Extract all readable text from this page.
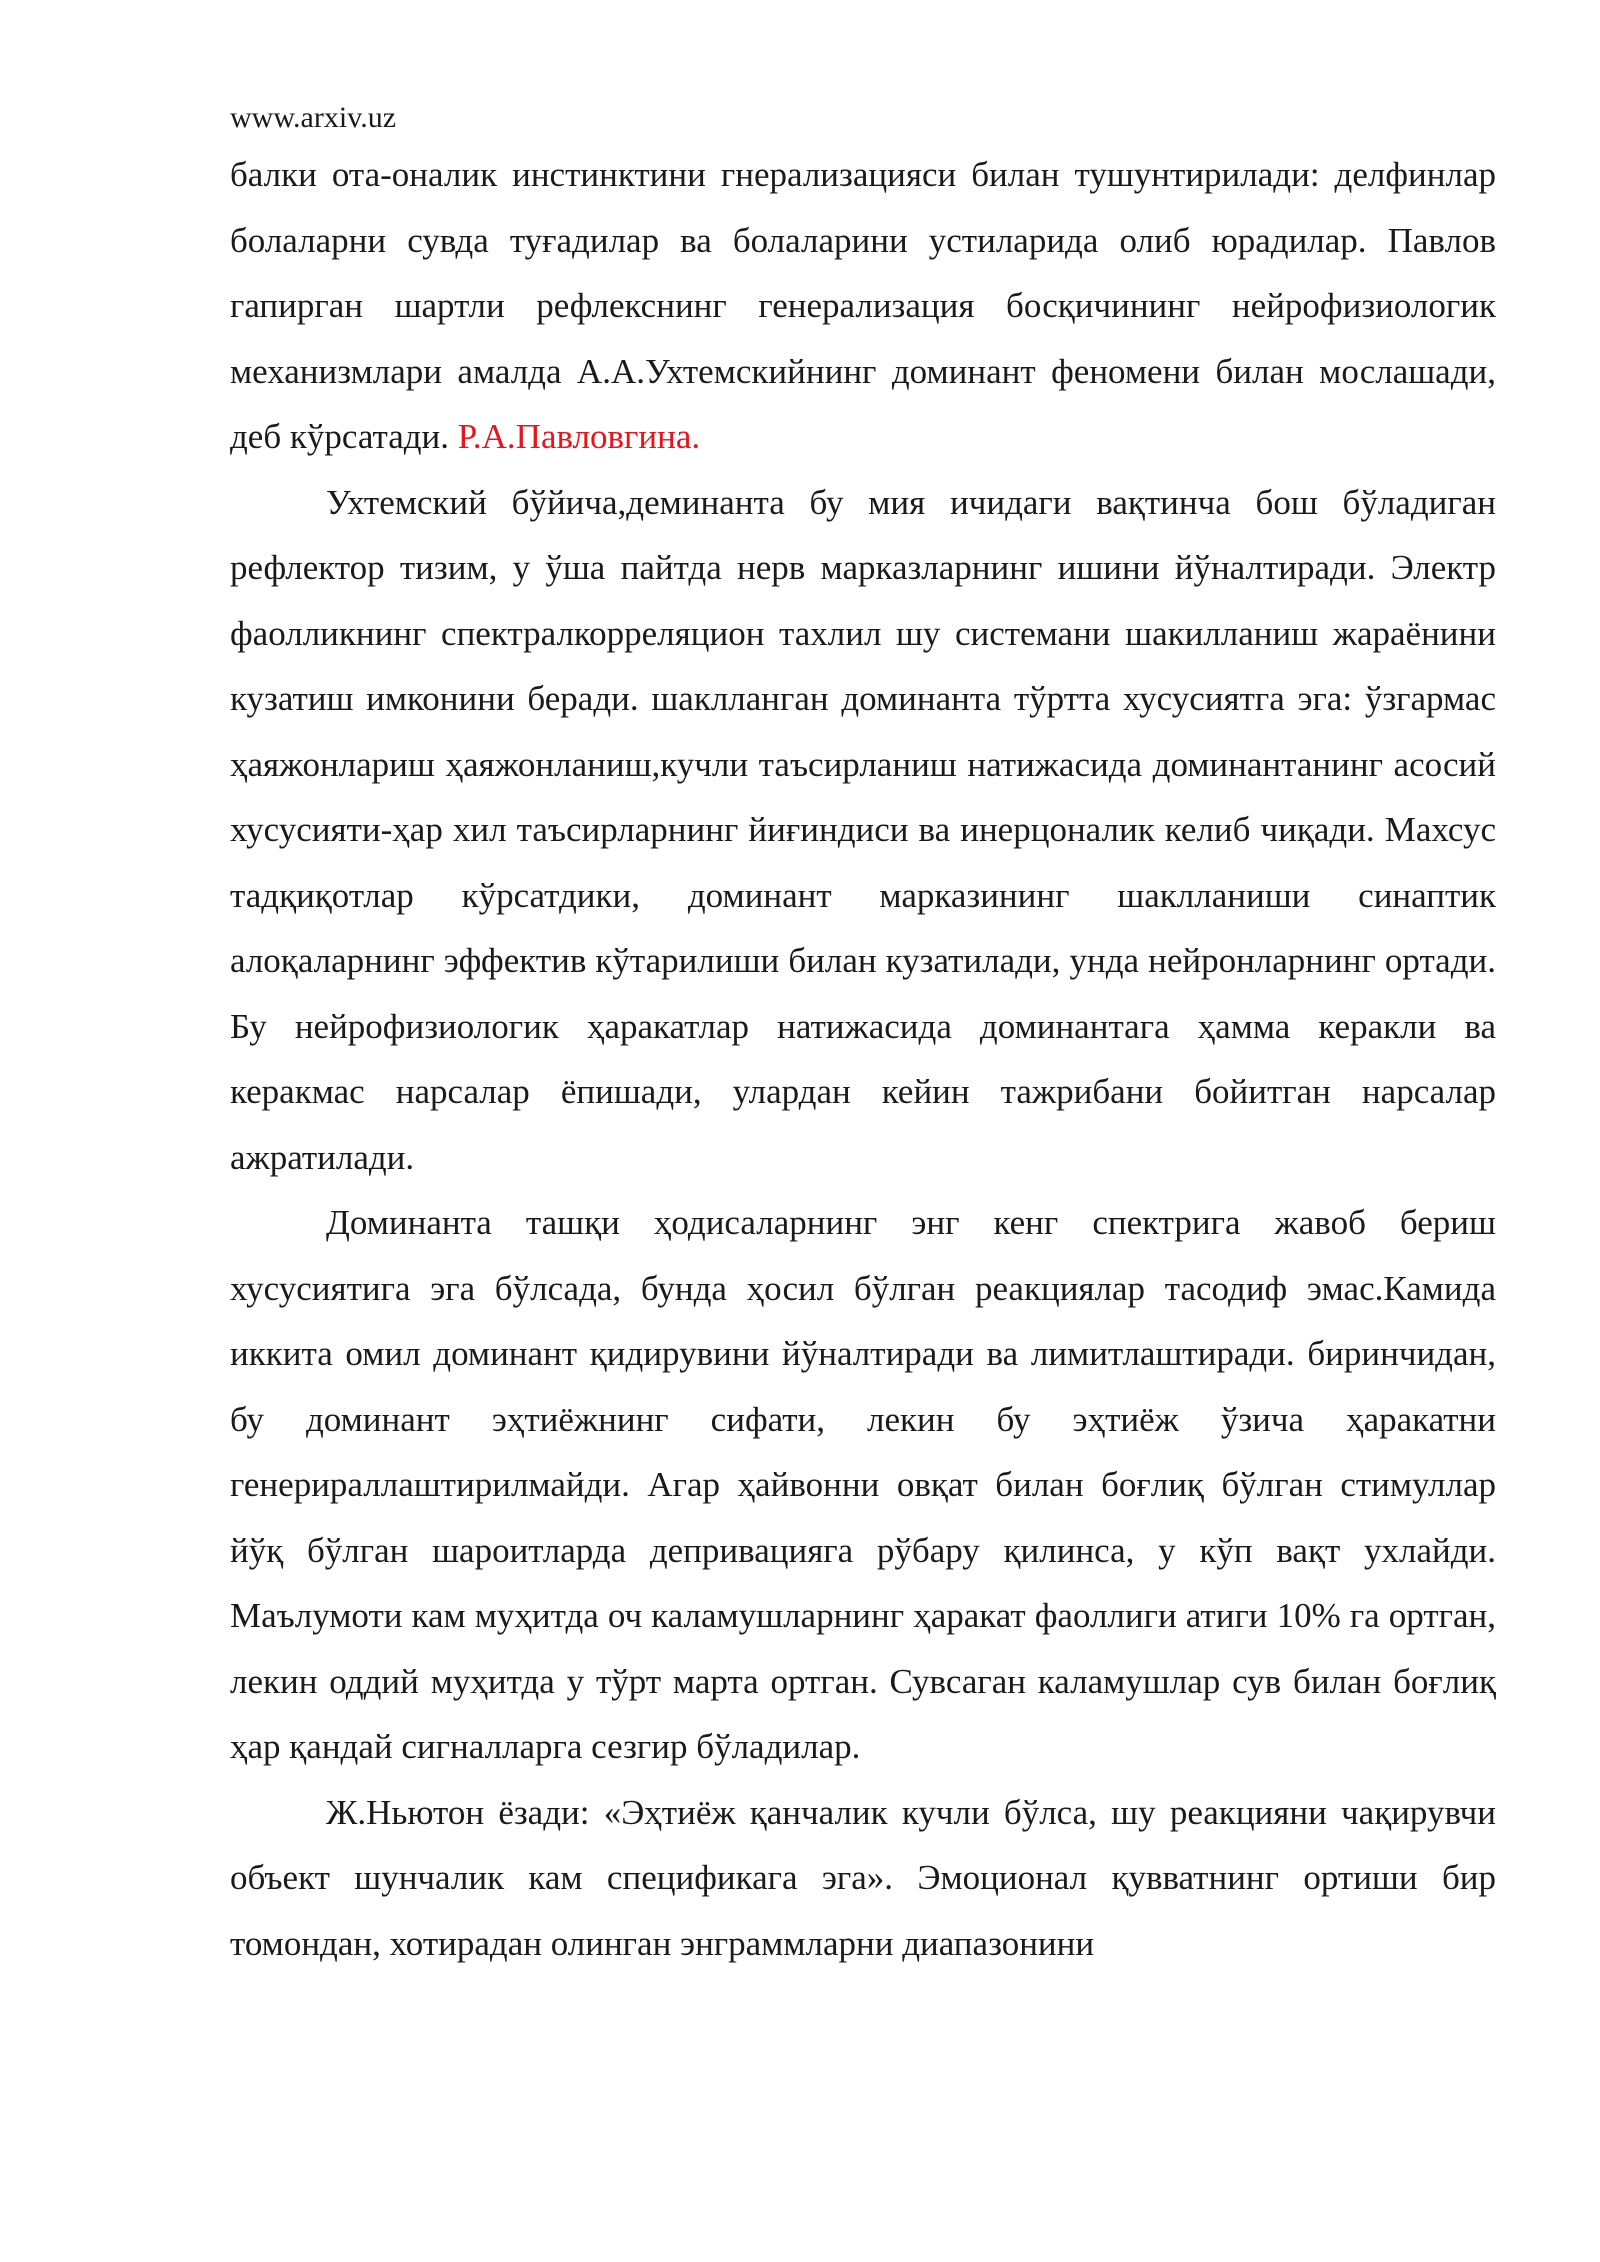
www.arxiv.uz

балки ота-оналик инстинктини гнерализацияси билан тушунтирилади: делфинлар болаларни сувда туғадилар ва болаларини устиларида олиб юрадилар. Павлов гапирган шартли рефлекснинг генерализация босқичининг нейрофизиологик механизмлари амалда А.А.Ухтемскийнинг доминант феномени билан мослашади, деб кўрсатади. Р.А.Павловгина.

Ухтемский бўйича,деминанта бу мия ичидаги вақтинча бош бўладиган рефлектор тизим, у ўша пайтда нерв марказларнинг ишини йўналтиради. Электр фаолликнинг спектралкорреляцион тахлил шу системани шакилланиш жараёнини кузатиш имконини беради. шаклланган доминанта тўртта хусусиятга эга: ўзгармас ҳаяжонлариш ҳаяжонланиш,кучли таъсирланиш натижасида доминантанинг асосий хусусияти-ҳар хил таъсирларнинг йиғиндиси ва инерцоналик келиб чиқади. Махсус тадқиқотлар кўрсатдики, доминант марказининг шаклланиши синаптик алоқаларнинг эффектив кўтарилиши билан кузатилади, унда нейронларнинг ортади. Бу нейрофизиологик ҳаракатлар натижасида доминантага ҳамма керакли ва керакмас нарсалар ёпишади, улардан кейин тажрибани бойитган нарсалар ажратилади.

Доминанта ташқи ҳодисаларнинг энг кенг спектрига жавоб бериш хусусиятига эга бўлсада, бунда ҳосил бўлган реакциялар тасодиф эмас.Камида иккита омил доминант қидирувини йўналтиради ва лимитлаштиради. биринчидан, бу доминант эҳтиёжнинг сифати, лекин бу эҳтиёж ўзича ҳаракатни генерираллаштирилмайди. Агар ҳайвонни овқат билан боғлиқ бўлган стимуллар йўқ бўлган шароитларда депривацияга рўбару қилинса, у кўп вақт ухлайди. Маълумоти кам муҳитда оч каламушларнинг ҳаракат фаоллиги атиги 10% га ортган, лекин оддий муҳитда у тўрт марта ортган. Сувсаган каламушлар сув билан боғлиқ ҳар қандай сигналларга сезгир бўладилар.

Ж.Ньютон ёзади: «Эҳтиёж қанчалик кучли бўлса, шу реакцияни чақирувчи объект шунчалик кам спецификага эга». Эмоционал қувватнинг ортиши бир томондан, хотирадан олинган энграммларни диапазонини
